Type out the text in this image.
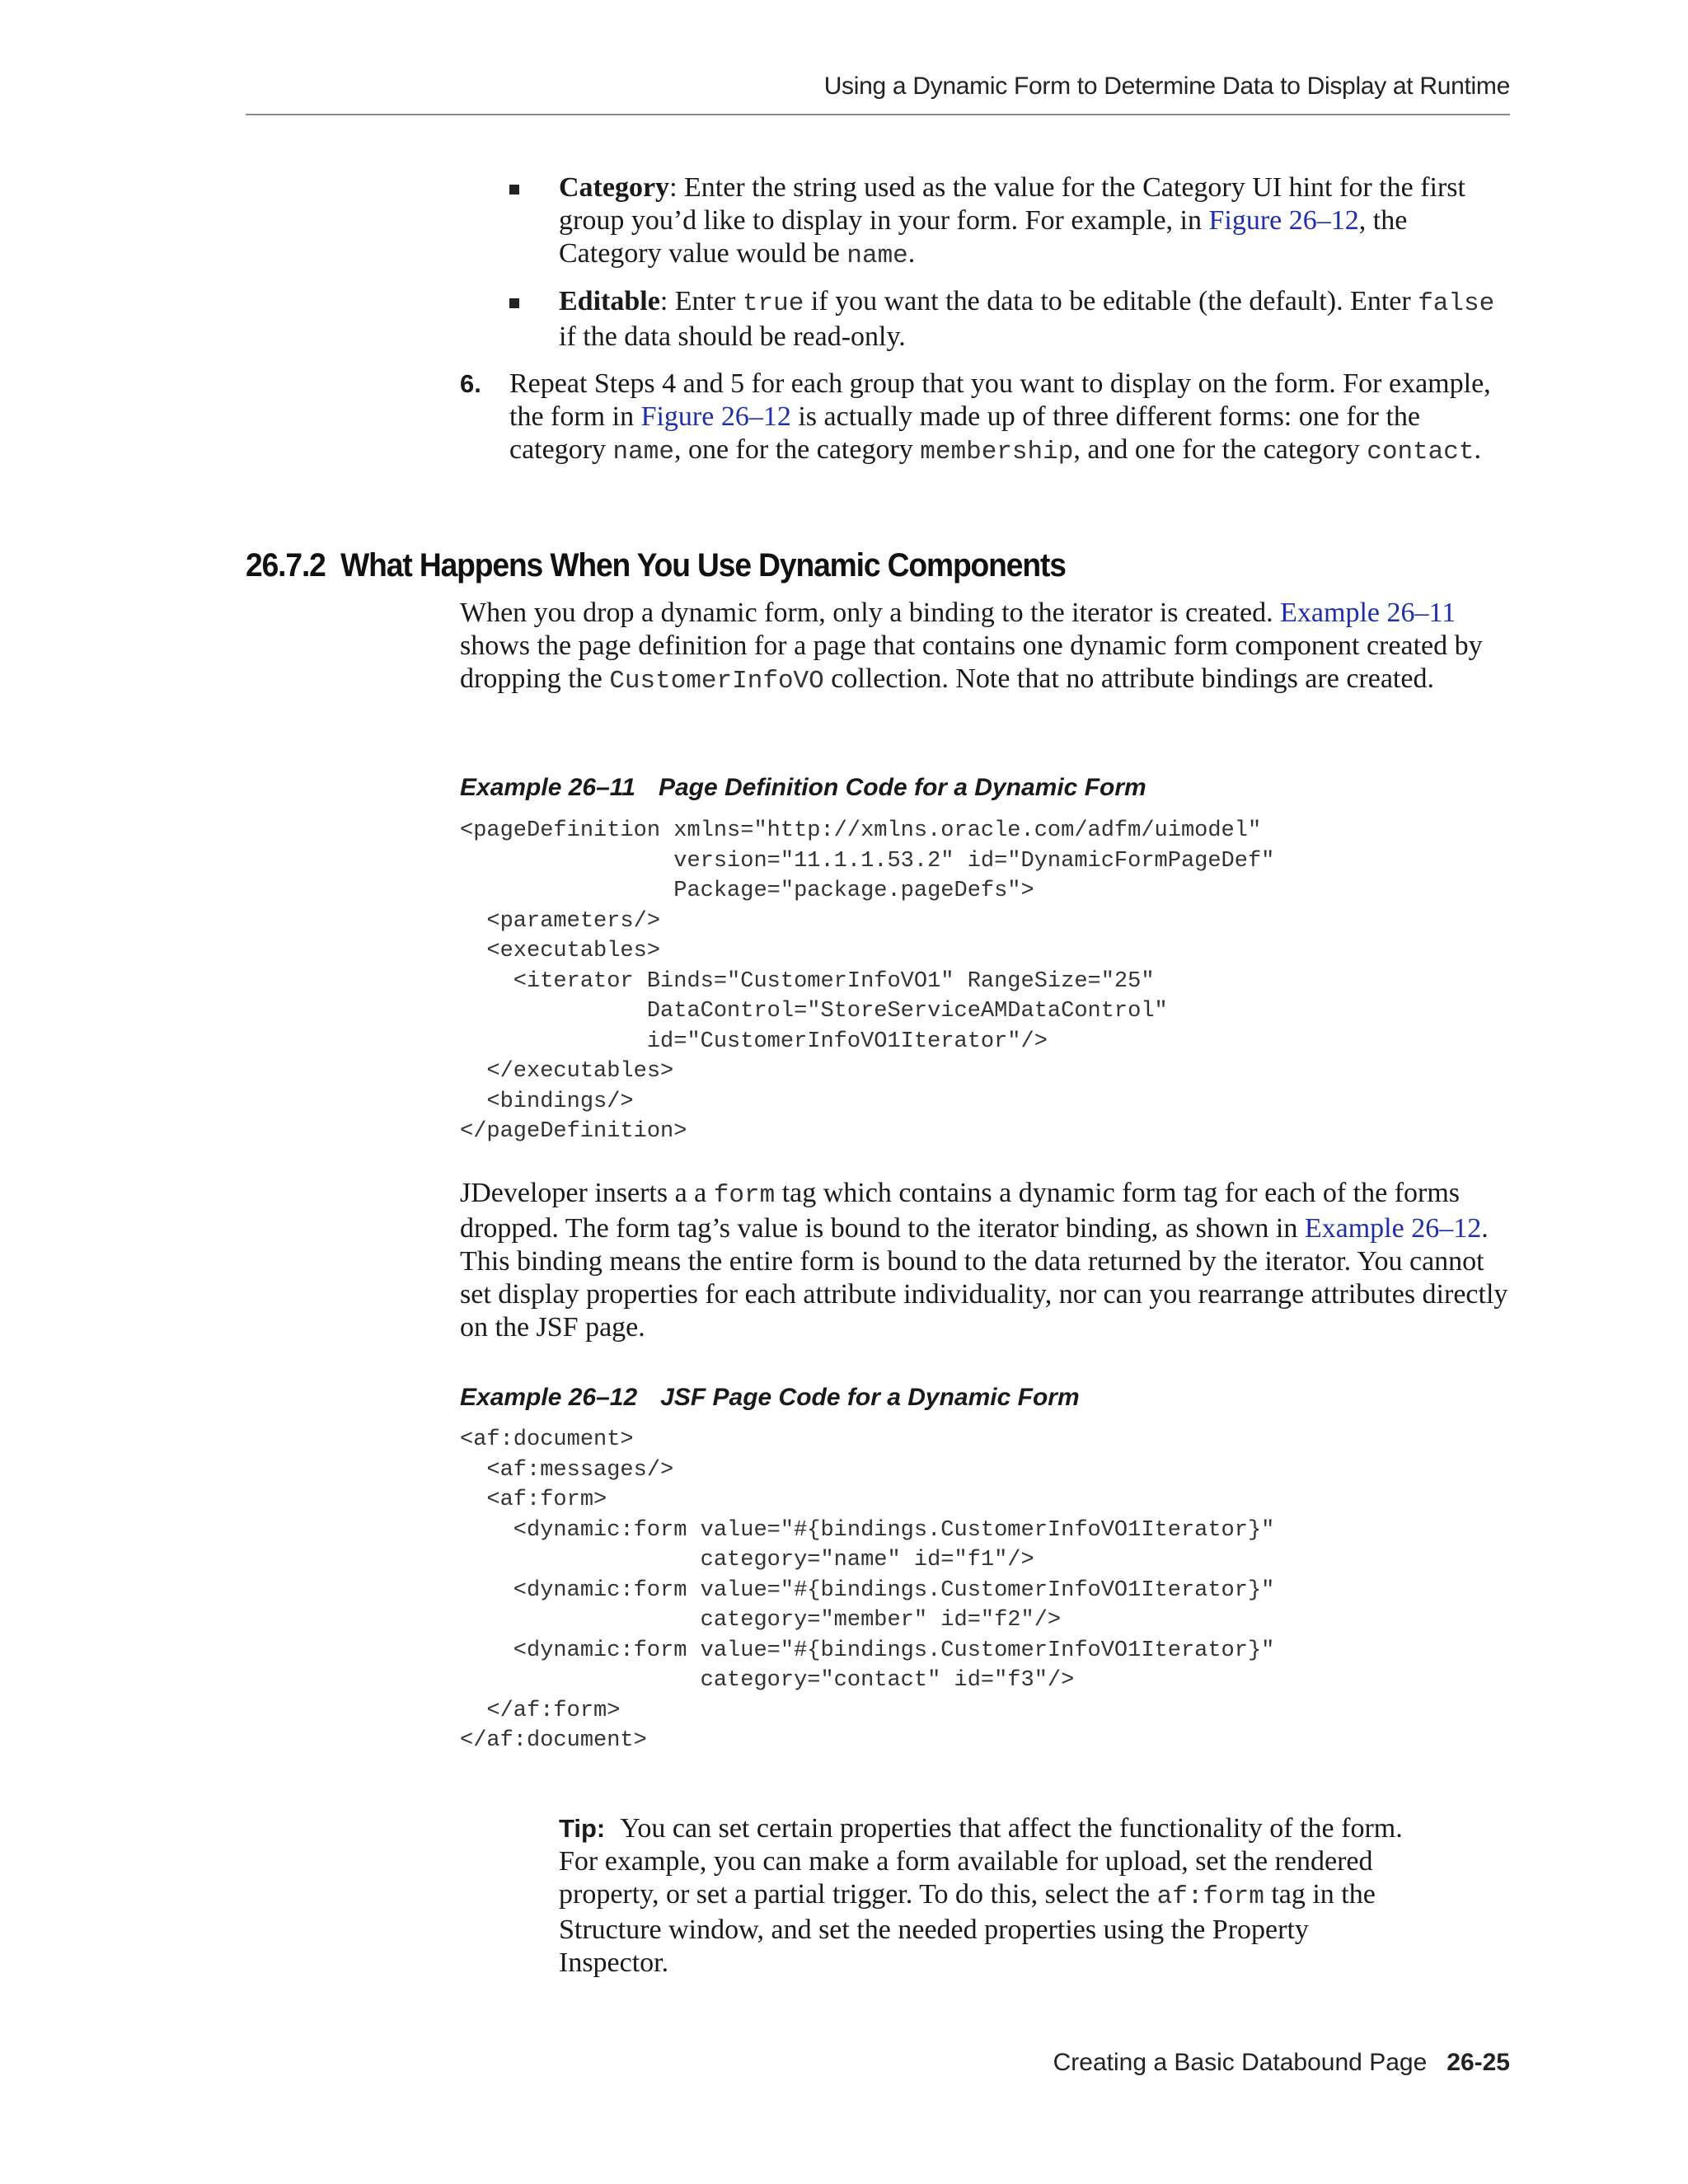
Using a Dynamic Form to Determine Data to Display at Runtime
Category: Enter the string used as the value for the Category UI hint for the first group you’d like to display in your form. For example, in Figure 26–12, the Category value would be name.
Editable: Enter true if you want the data to be editable (the default). Enter false if the data should be read-only.
6. Repeat Steps 4 and 5 for each group that you want to display on the form. For example, the form in Figure 26–12 is actually made up of three different forms: one for the category name, one for the category membership, and one for the category contact.
26.7.2  What Happens When You Use Dynamic Components
When you drop a dynamic form, only a binding to the iterator is created. Example 26–11 shows the page definition for a page that contains one dynamic form component created by dropping the CustomerInfoVO collection. Note that no attribute bindings are created.
Example 26–11 Page Definition Code for a Dynamic Form
<pageDefinition xmlns="http://xmlns.oracle.com/adfm/uimodel"
version="11.1.1.53.2" id="DynamicFormPageDef"
Package="package.pageDefs">
<parameters/>
<executables>
<iterator Binds="CustomerInfoVO1" RangeSize="25"
DataControl="StoreServiceAMDataControl"
id="CustomerInfoVO1Iterator"/>
</executables>
<bindings/>
</pageDefinition>
JDeveloper inserts a a form tag which contains a dynamic form tag for each of the forms dropped. The form tag’s value is bound to the iterator binding, as shown in Example 26–12. This binding means the entire form is bound to the data returned by the iterator. You cannot set display properties for each attribute individuality, nor can you rearrange attributes directly on the JSF page.
Example 26–12 JSF Page Code for a Dynamic Form
<af:document>
<af:messages/>
<af:form>
<dynamic:form value="#{bindings.CustomerInfoVO1Iterator}"
category="name" id="f1"/>
<dynamic:form value="#{bindings.CustomerInfoVO1Iterator}"
category="member" id="f2"/>
<dynamic:form value="#{bindings.CustomerInfoVO1Iterator}"
category="contact" id="f3"/>
</af:form>
</af:document>
Tip: You can set certain properties that affect the functionality of the form. For example, you can make a form available for upload, set the rendered property, or set a partial trigger. To do this, select the af:form tag in the Structure window, and set the needed properties using the Property Inspector.
Creating a Basic Databound Page 26-25
